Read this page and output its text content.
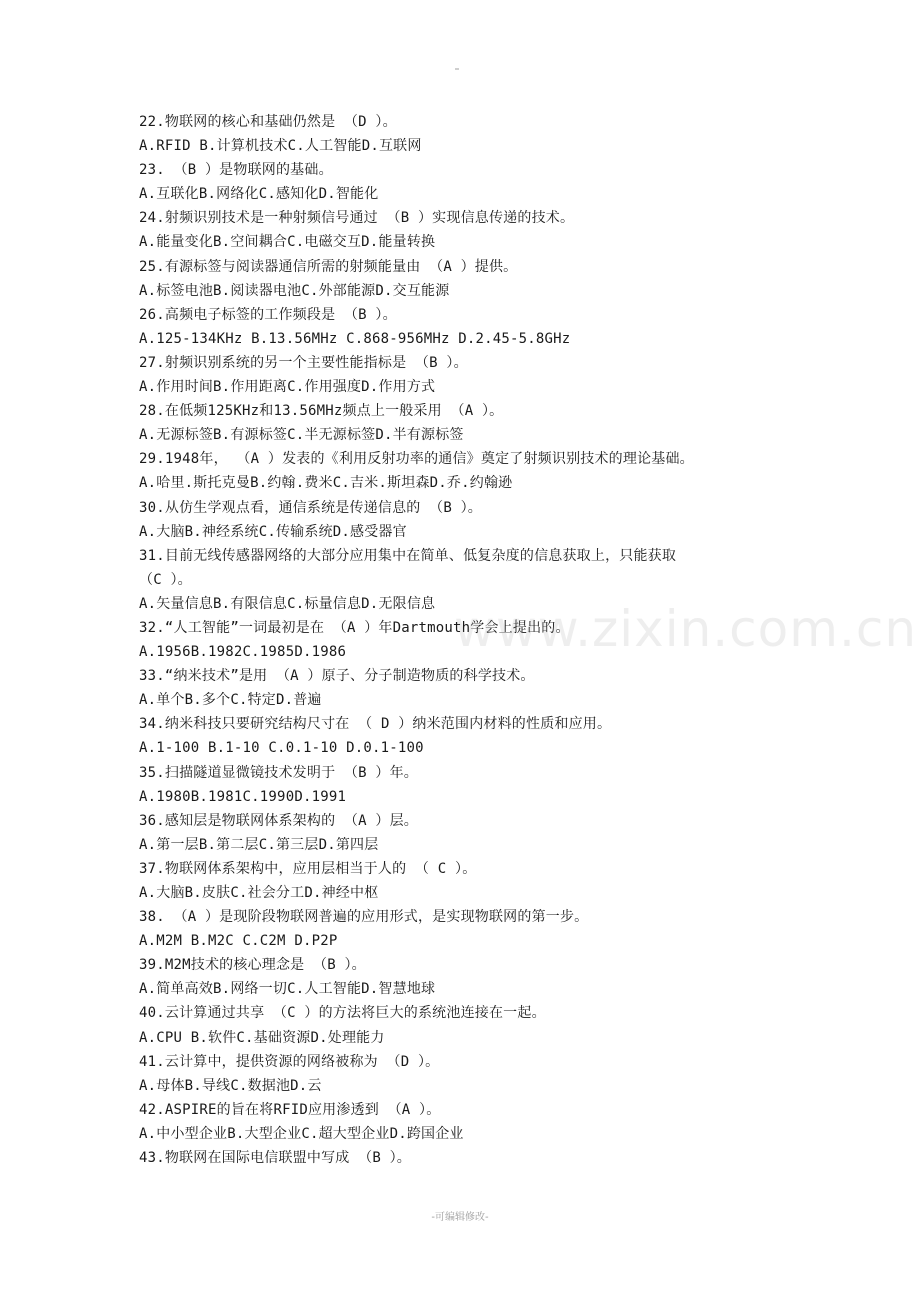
22.物联网的核心和基础仍然是 （D ）。
A.RFID B.计算机技术C.人工智能D.互联网
23. （B ）是物联网的基础。
A.互联化B.网络化C.感知化D.智能化
24.射频识别技术是一种射频信号通过 （B ）实现信息传递的技术。
A.能量变化B.空间耦合C.电磁交互D.能量转换
25.有源标签与阅读器通信所需的射频能量由 （A ）提供。
A.标签电池B.阅读器电池C.外部能源D.交互能源
26.高频电子标签的工作频段是 （B ）。
A.125-134KHz B.13.56MHz C.868-956MHz D.2.45-5.8GHz
27.射频识别系统的另一个主要性能指标是 （B ）。
A.作用时间B.作用距离C.作用强度D.作用方式
28.在低频125KHz和13.56MHz频点上一般采用 （A ）。
A.无源标签B.有源标签C.半无源标签D.半有源标签
29.1948年， （A ）发表的《利用反射功率的通信》奠定了射频识别技术的理论基础。
A.哈里.斯托克曼B.约翰.费米C.吉米.斯坦森D.乔.约翰逊
30.从仿生学观点看，通信系统是传递信息的 （B ）。
A.大脑B.神经系统C.传输系统D.感受器官
31.目前无线传感器网络的大部分应用集中在简单、低复杂度的信息获取上，只能获取
（C ）。
A.矢量信息B.有限信息C.标量信息D.无限信息
32.“人工智能”一词最初是在 （A ）年Dartmouth学会上提出的。
A.1956B.1982C.1985D.1986
33.“纳米技术”是用 （A ）原子、分子制造物质的科学技术。
A.单个B.多个C.特定D.普遍
34.纳米科技只要研究结构尺寸在 （ D ）纳米范围内材料的性质和应用。
A.1-100 B.1-10 C.0.1-10 D.0.1-100
35.扫描隧道显微镜技术发明于 （B ）年。
A.1980B.1981C.1990D.1991
36.感知层是物联网体系架构的 （A ）层。
A.第一层B.第二层C.第三层D.第四层
37.物联网体系架构中，应用层相当于人的 （ C ）。
A.大脑B.皮肤C.社会分工D.神经中枢
38. （A ）是现阶段物联网普遍的应用形式，是实现物联网的第一步。
A.M2M B.M2C C.C2M D.P2P
39.M2M技术的核心理念是 （B ）。
A.简单高效B.网络一切C.人工智能D.智慧地球
40.云计算通过共享 （C ）的方法将巨大的系统池连接在一起。
A.CPU B.软件C.基础资源D.处理能力
41.云计算中，提供资源的网络被称为 （D ）。
A.母体B.导线C.数据池D.云
42.ASPIRE的旨在将RFID应用渗透到 （A ）。
A.中小型企业B.大型企业C.超大型企业D.跨国企业
43.物联网在国际电信联盟中写成 （B ）。
www.zixin.com.cn
-可编辑修改-
